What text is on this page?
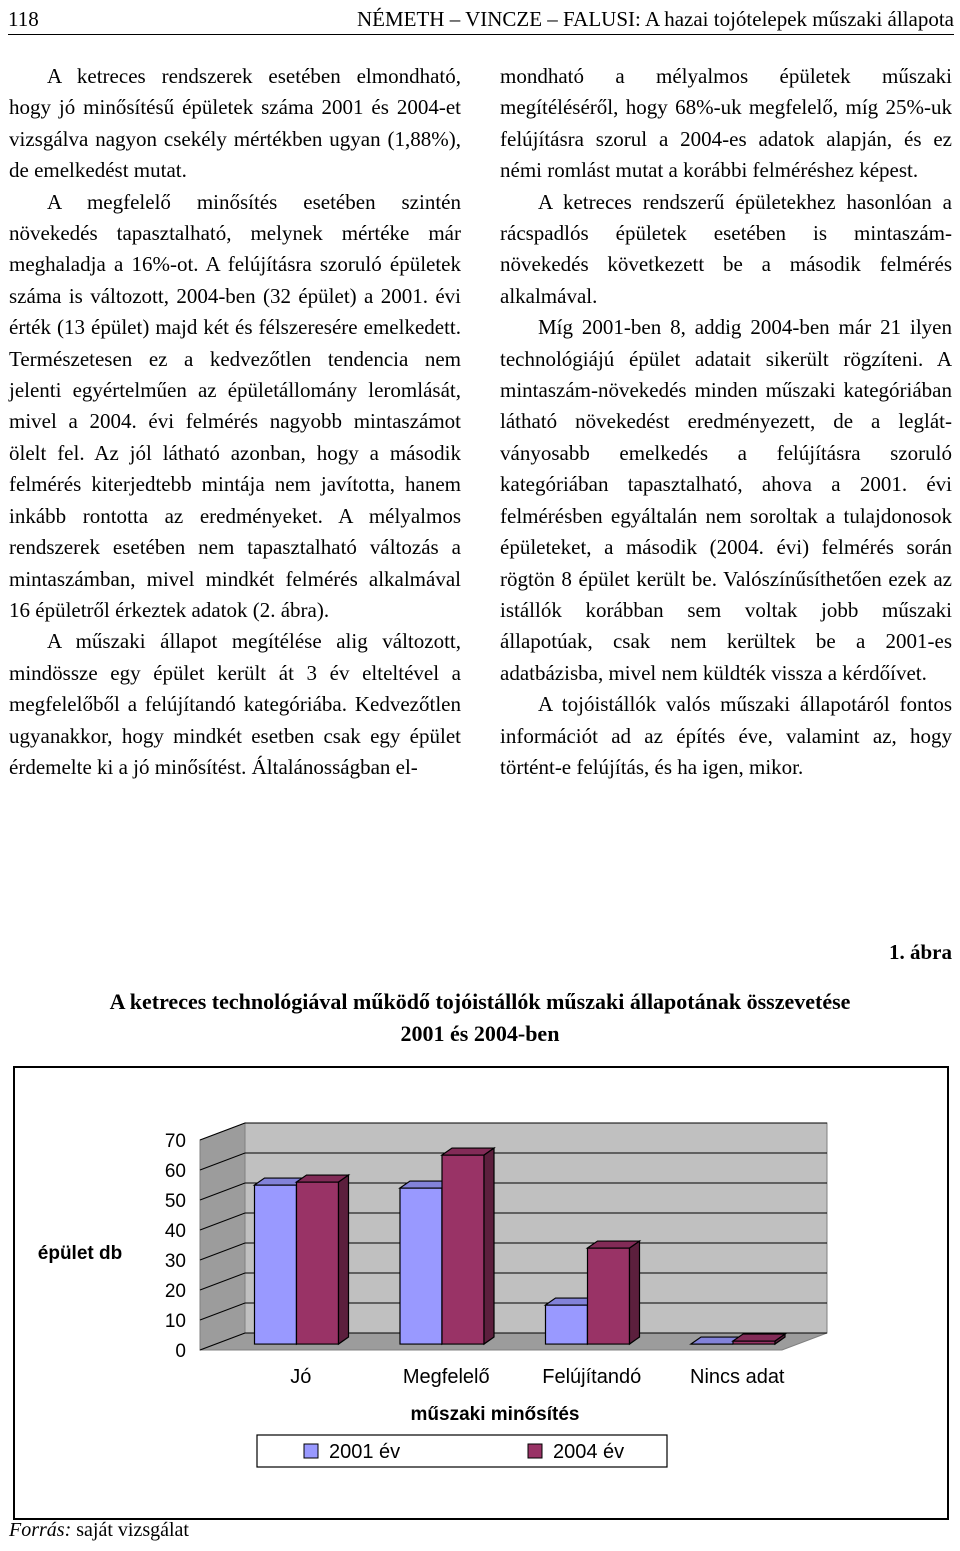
118	NÉMETH – VINCZE – FALUSI: A hazai tojótelepek műszaki állapota

A ketreces rendszerek esetében elmondható, hogy jó minősítésű épületek száma 2001 és 2004-et vizsgálva nagyon csekély mértékben ugyan (1,88%), de emelkedést mutat.

A megfelelő minősítés esetében szintén növekedés tapasztalható, melynek mértéke már meghaladja a 16%-ot. A felújításra szoruló épületek száma is változott, 2004-ben (32 épület) a 2001. évi érték (13 épület) majd két és félszeresére emelkedett. Természetesen ez a kedvezőtlen tendencia nem jelenti egyértelműen az épületállomány leromlását, mivel a 2004. évi felmérés nagyobb mintaszámot ölelt fel. Az jól látható azonban, hogy a második felmérés kiterjedtebb mintája nem javította, hanem inkább rontotta az eredményeket. A mélyalmos rendszerek esetében nem tapasztalható változás a mintaszámban, mivel mindkét felmérés alkalmával 16 épületről érkeztek adatok (2. ábra).

A műszaki állapot megítélése alig változott, mindössze egy épület került át 3 év elteltével a megfelelőből a felújítandó kategóriába. Kedvezőtlen ugyanakkor, hogy mindkét esetben csak egy épület érdemelte ki a jó minősítést. Általánosságban el-

mondható a mélyalmos épületek műszaki megítéléséről, hogy 68%-uk megfelelő, míg 25%-uk felújításra szorul a 2004-es adatok alapján, és ez némi romlást mutat a korábbi felméréshez képest.

A ketreces rendszerű épületekhez hasonlóan a rácspadlós épületek esetében is mintaszám-növekedés következett be a második felmérés alkalmával.

Míg 2001-ben 8, addig 2004-ben már 21 ilyen technológiájú épület adatait sikerült rögzíteni. A mintaszám-növekedés minden műszaki kategóriában látható növekedést eredményezett, de a leglátványosabb emelkedés a felújításra szoruló kategóriában tapasztalható, ahova a 2001. évi felmérésben egyáltalán nem soroltak a tulajdonosok épületeket, a második (2004. évi) felmérés során rögtön 8 épület került be. Valószínűsíthetően ezek az istállók korábban sem voltak jobb műszaki állapotúak, csak nem kerültek be a 2001-es adatbázisba, mivel nem küldték vissza a kérdőívet.

A tojóistállók valós műszaki állapotáról fontos információt ad az építés éve, valamint az, hogy történt-e felújítás, és ha igen, mikor.

1. ábra
A ketreces technológiával működő tojóistállók műszaki állapotának összevetése
2001 és 2004-ben
0
10
20
30
40
50
60
70
Jó	Megfelelő	Felújítandó Nincs adat
műszaki minősítés
2001 év	2004 év
épület db
Forrás: saját vizsgálat
